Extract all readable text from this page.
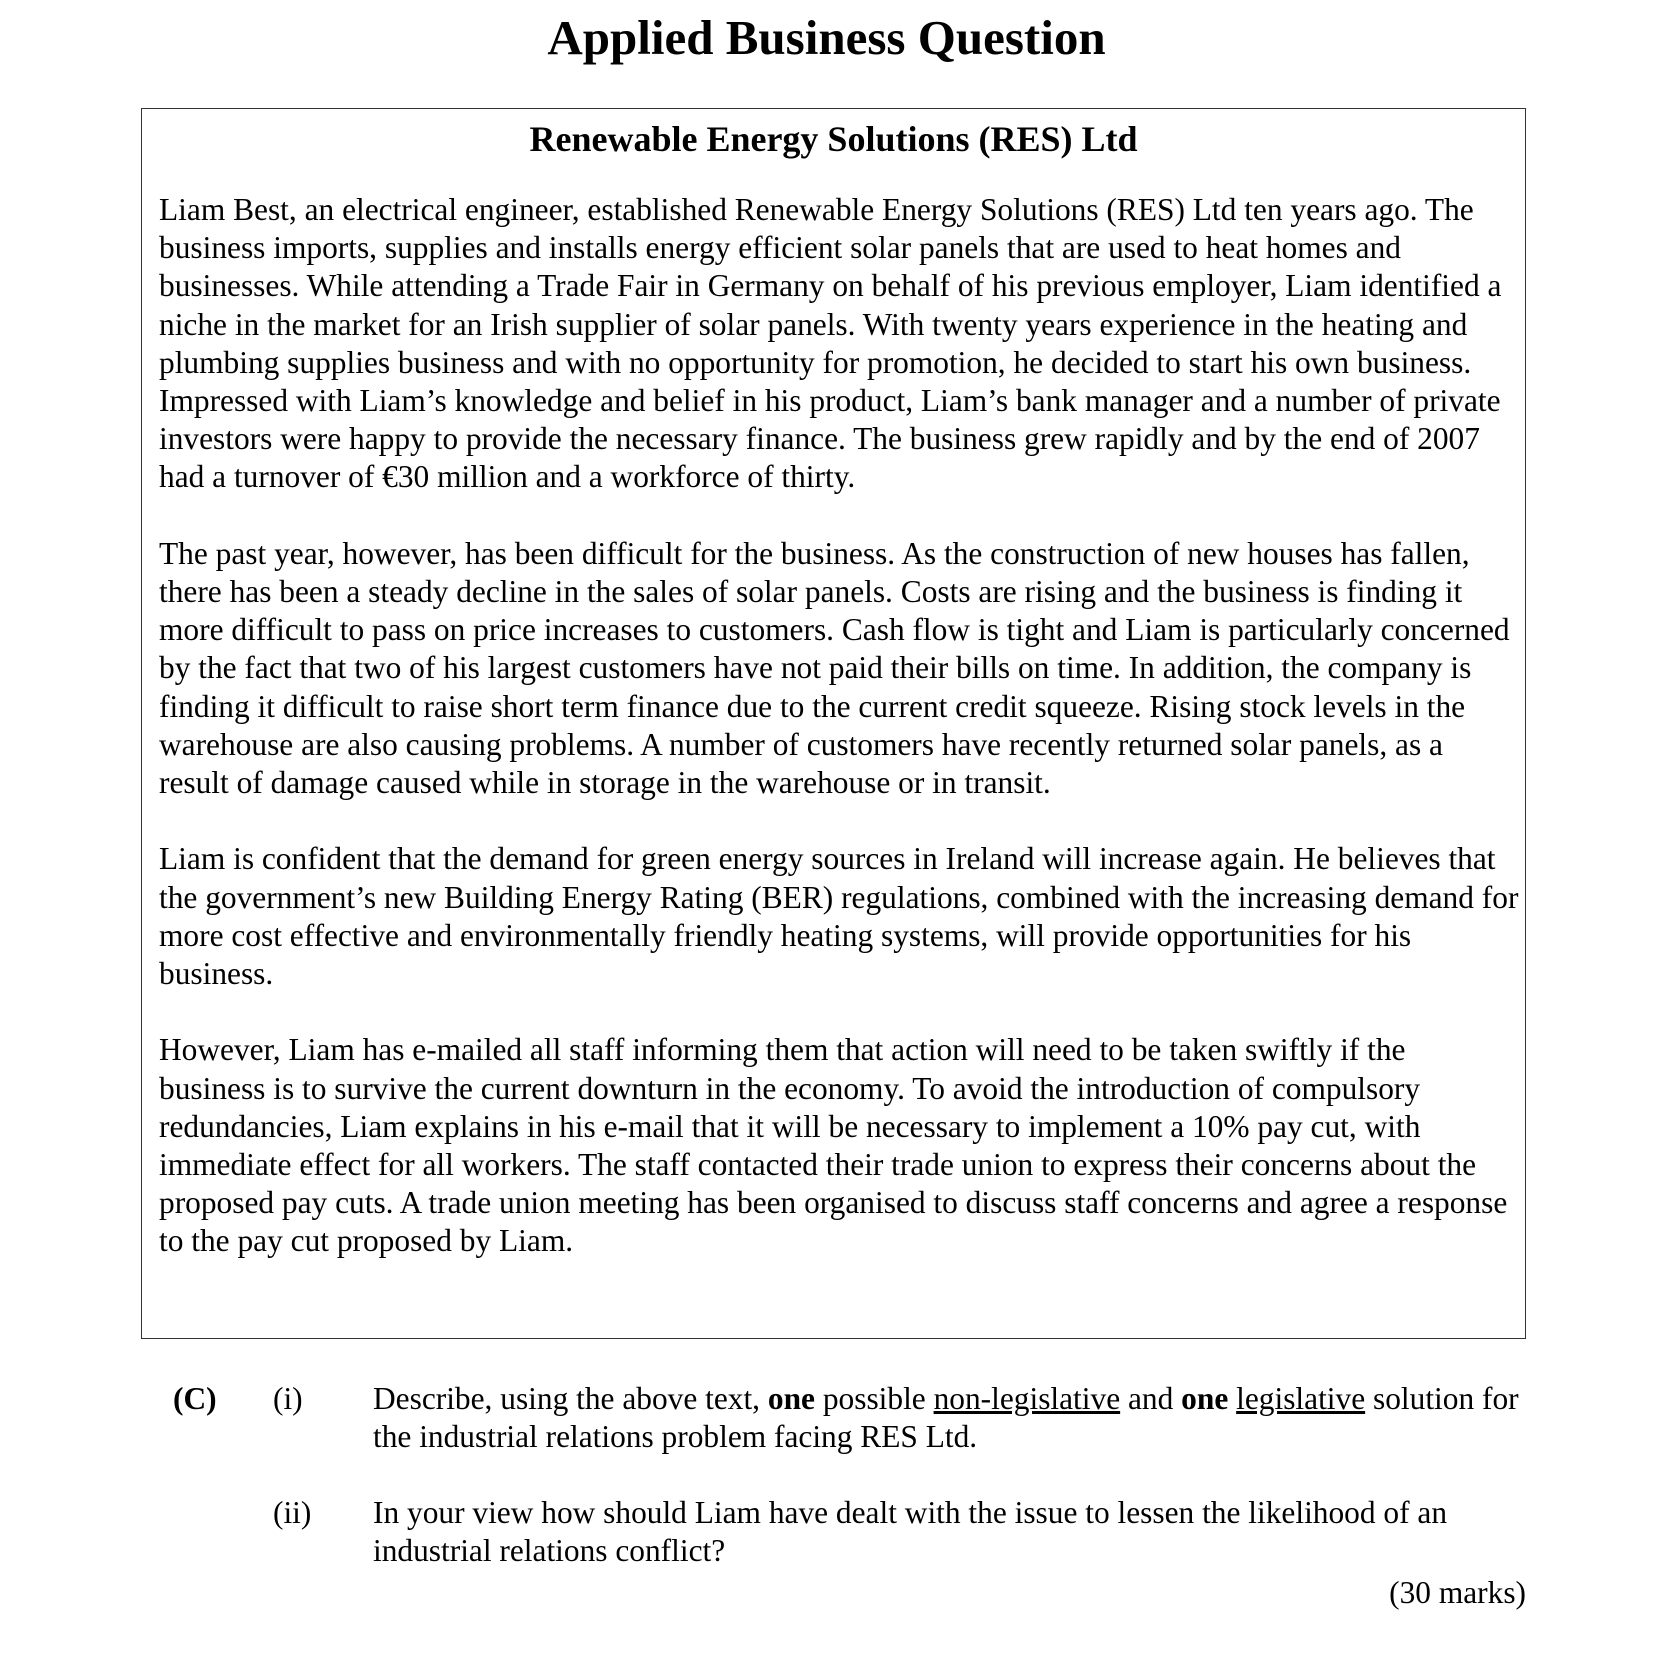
Applied Business Question
Renewable Energy Solutions (RES) Ltd

Liam Best, an electrical engineer, established Renewable Energy Solutions (RES) Ltd ten years ago. The business imports, supplies and installs energy efficient solar panels that are used to heat homes and businesses. While attending a Trade Fair in Germany on behalf of his previous employer, Liam identified a niche in the market for an Irish supplier of solar panels. With twenty years experience in the heating and plumbing supplies business and with no opportunity for promotion, he decided to start his own business. Impressed with Liam’s knowledge and belief in his product, Liam’s bank manager and a number of private investors were happy to provide the necessary finance. The business grew rapidly and by the end of 2007 had a turnover of €30 million and a workforce of thirty.

The past year, however, has been difficult for the business. As the construction of new houses has fallen, there has been a steady decline in the sales of solar panels. Costs are rising and the business is finding it more difficult to pass on price increases to customers. Cash flow is tight and Liam is particularly concerned by the fact that two of his largest customers have not paid their bills on time. In addition, the company is finding it difficult to raise short term finance due to the current credit squeeze. Rising stock levels in the warehouse are also causing problems. A number of customers have recently returned solar panels, as a result of damage caused while in storage in the warehouse or in transit.

Liam is confident that the demand for green energy sources in Ireland will increase again. He believes that the government’s new Building Energy Rating (BER) regulations, combined with the increasing demand for more cost effective and environmentally friendly heating systems, will provide opportunities for his business.

However, Liam has e-mailed all staff informing them that action will need to be taken swiftly if the business is to survive the current downturn in the economy. To avoid the introduction of compulsory redundancies, Liam explains in his e-mail that it will be necessary to implement a 10% pay cut, with immediate effect for all workers. The staff contacted their trade union to express their concerns about the proposed pay cuts. A trade union meeting has been organised to discuss staff concerns and agree a response to the pay cut proposed by Liam.

(C) (i) Describe, using the above text, one possible non-legislative and one legislative solution for the industrial relations problem facing RES Ltd.
(ii) In your view how should Liam have dealt with the issue to lessen the likelihood of an industrial relations conflict?
(30 marks)
